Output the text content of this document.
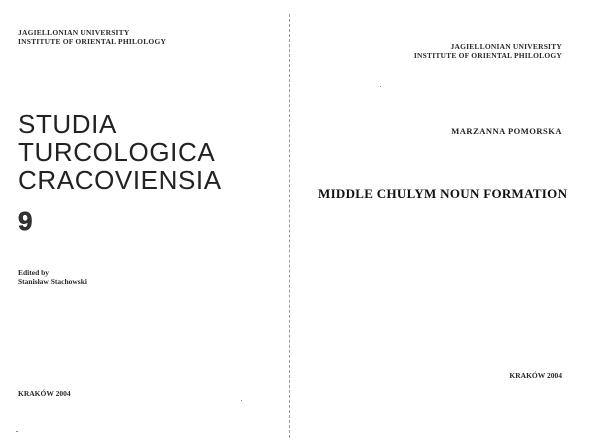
JAGIELLONIAN UNIVERSITY
INSTITUTE OF ORIENTAL PHILOLOGY
STUDIA
TURCOLOGICA
CRACOVIENSIA
9
Edited by
Stanisław Stachowski
KRAKÓW 2004
JAGIELLONIAN UNIVERSITY
INSTITUTE OF ORIENTAL PHILOLOGY
MARZANNA POMORSKA
MIDDLE CHULYM NOUN FORMATION
KRAKÓW 2004
